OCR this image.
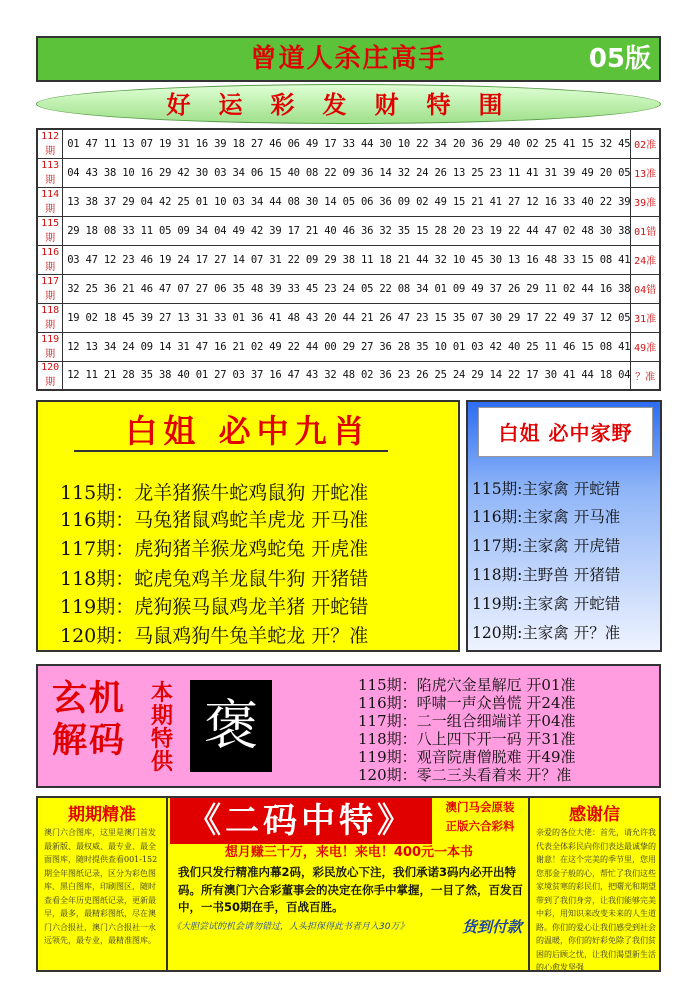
曾道人杀庄高手	05版
好运彩发财特围
112期	01 47 11 13 07 19 31 16 39 18 27 46 06 49 17 33 44 30 10 22 34 20 36 29 40 02 25 41 15 32 45	02准
113期	04 43 38 10 16 29 42 30 03 34 06 15 40 08 22 09 36 14 32 24 26 13 25 23 11 41 31 39 49 20 05	13准
114期	13 38 37 29 04 42 25 01 10 03 34 44 08 30 14 05 06 36 09 02 49 15 21 41 27 12 16 33 40 22 39	39准
115期	29 18 08 33 11 05 09 34 04 49 42 39 17 21 40 46 36 32 35 15 28 20 23 19 22 44 47 02 48 30 38	01错
116期	03 47 12 23 46 19 24 17 27 14 07 31 22 09 29 38 11 18 21 44 32 10 45 30 13 16 48 33 15 08 41	24准
117期	32 25 36 21 46 47 07 27 06 35 48 39 33 45 23 24 05 22 08 34 01 09 49 37 26 29 11 02 44 16 38	04错
118期	19 02 18 45 39 27 13 31 33 01 36 41 48 43 20 44 21 26 47 23 15 35 07 30 29 17 22 49 37 12 05	31准
119期	12 13 34 24 09 14 31 47 16 21 02 49 22 44 00 29 27 36 28 35 10 01 03 42 40 25 11 46 15 08 41	49准
120期	12 11 21 28 35 38 40 01 27 03 37 16 47 43 32 48 02 36 23 26 25 24 29 14 22 17 30 41 44 18 04	？准
白姐 必中九肖
115期：龙羊猪猴牛蛇鸡鼠狗 开蛇准
116期：马兔猪鼠鸡蛇羊虎龙 开马准
117期：虎狗猪羊猴龙鸡蛇兔 开虎准
118期：蛇虎兔鸡羊龙鼠牛狗 开猪错
119期：虎狗猴马鼠鸡龙羊猪 开蛇错
120期：马鼠鸡狗牛兔羊蛇龙 开？准
白姐 必中家野
115期:主家禽 开蛇错
116期:主家禽 开马准
117期:主家禽 开虎错
118期:主野兽 开猪错
119期:主家禽 开蛇错
120期:主家禽 开？准
玄机
解码
本期特供
褒
115期：陷虎穴金星解厄 开01准
116期：呼啸一声众兽慌 开24准
117期：二一组合细端详 开04准
118期：八上四下开一码 开31准
119期：观音院唐僧脱难 开49准
120期：零二三头看着来 开？准
期期精准
澳门六合图库，这里是澳门首发最新版、最权威、最专业、最全面图库，随时提供查看001-152期全年图纸记录，区分为彩色图库、黑白图库，印刷图区，随时查看全年历史图纸记录，更新最早，最多，最精彩图纸，尽在澳门六合报社，澳门六合报社一永远领先，最专业，最精准图库。
《二码中特》	澳门马会原装
正版六合彩料
想月赚三十万，来电！来电！400元一本书
我们只发行精准内幕2码，彩民放心下注，我们承诺3码内必开出特码。所有澳门六合彩董事会的决定在你手中掌握，一目了然，百发百中，一书50期在手，百战百胜。
《大胆尝试的机会请勿错过，人头担保得此书者月入30万》	货到付款
感谢信
亲爱的各位大佬：首先，请允许我代表全体彩民向你们表达最诚挚的谢意！在这个完美的季节里，您用您那金子般的心，帮忙了我们这些家境贫寒的彩民们，把曙光和期望带到了我们身旁，让我们能够完美中彩，用知识来改变未来的人生道路。你们的爱心让我们感受到社会的温暖，你们的好彩免除了我们贫困的后顾之忧，让我们渴望新生活的心愈发坚强
